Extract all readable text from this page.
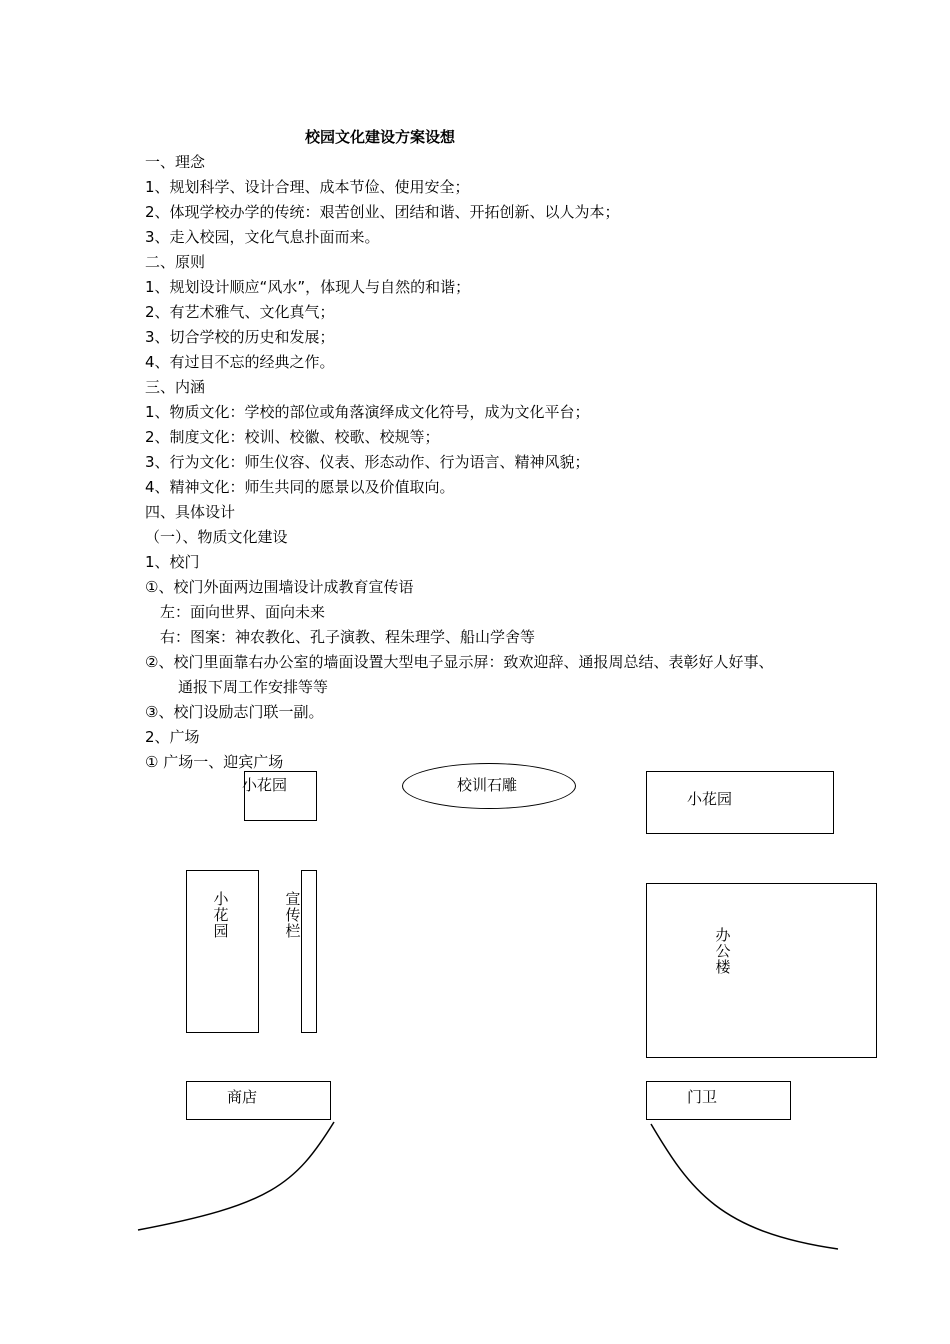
校园文化建设方案设想
一、理念
1、规划科学、设计合理、成本节俭、使用安全；
2、体现学校办学的传统：艰苦创业、团结和谐、开拓创新、以人为本；
3、走入校园，文化气息扑面而来。
二、原则
1、规划设计顺应“风水”，体现人与自然的和谐；
2、有艺术雅气、文化真气；
3、切合学校的历史和发展；
4、有过目不忘的经典之作。
三、内涵
1、物质文化：学校的部位或角落演绎成文化符号，成为文化平台；
2、制度文化：校训、校徽、校歌、校规等；
3、行为文化：师生仪容、仪表、形态动作、行为语言、精神风貌；
4、精神文化：师生共同的愿景以及价值取向。
四、具体设计
（一）、物质文化建设
1、校门
①、校门外面两边围墙设计成教育宣传语
左：面向世界、面向未来
右：图案：神农教化、孔子演教、程朱理学、船山学舍等
②、校门里面靠右办公室的墙面设置大型电子显示屏：致欢迎辞、通报周总结、表彰好人好事、
通报下周工作安排等等
③、校门设励志门联一副。
2、广场
① 广场一、迎宾广场
小花园	校训石雕
小花园
小花园
宣传栏	办公楼
商店	门卫
